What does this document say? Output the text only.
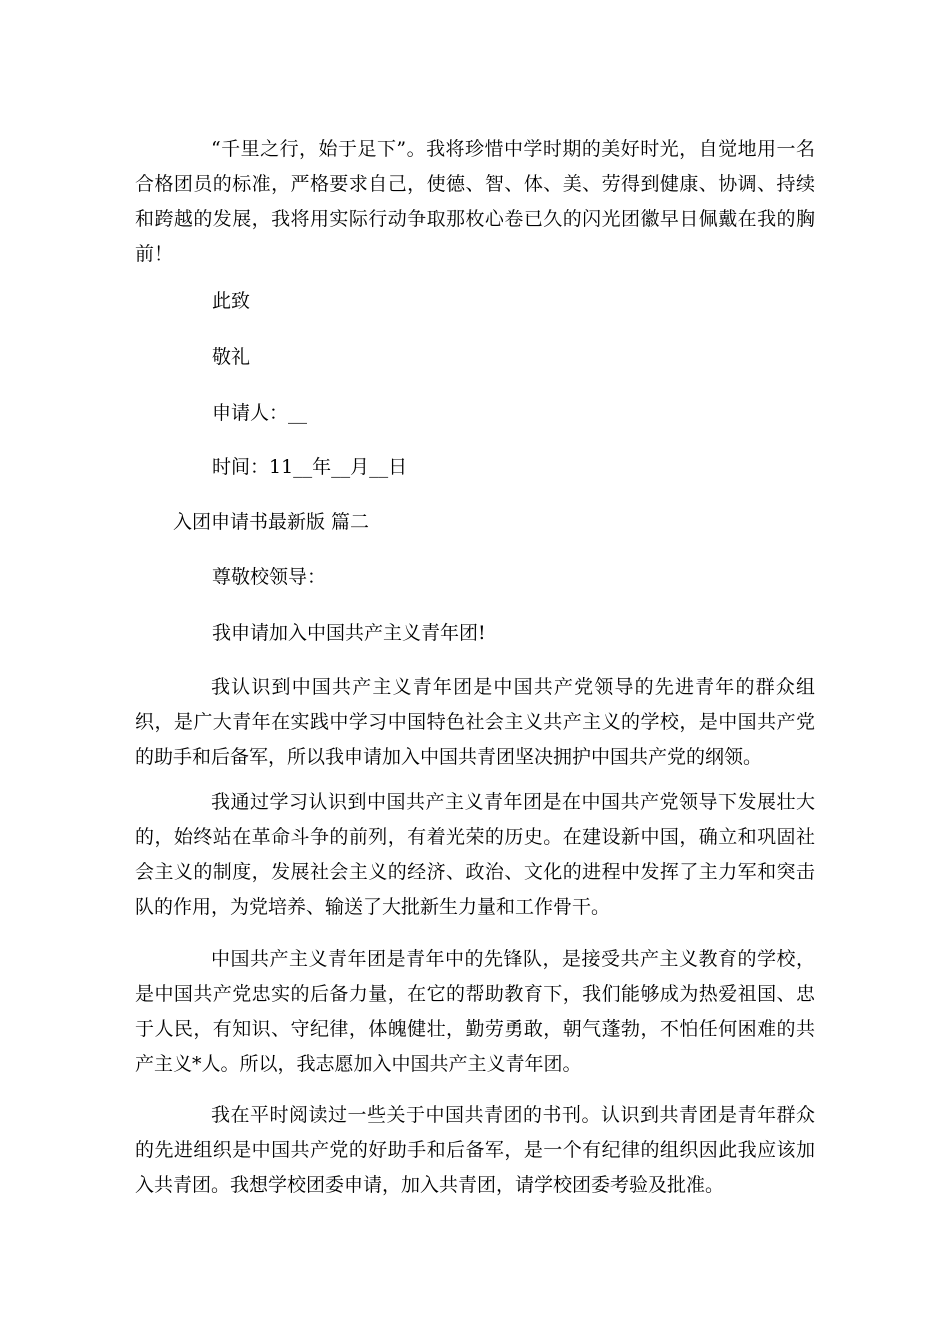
“千里之行，始于足下”。我将珍惜中学时期的美好时光，自觉地用一名合格团员的标准，严格要求自己，使德、智、体、美、劳得到健康、协调、持续和跨越的发展，我将用实际行动争取那枚心卷已久的闪光团徽早日佩戴在我的胸前！

此致

敬礼

申请人：__

时间：11__年__月__日

入团申请书最新版 篇二

尊敬校领导：

我申请加入中国共产主义青年团!

我认识到中国共产主义青年团是中国共产党领导的先进青年的群众组织，是广大青年在实践中学习中国特色社会主义共产主义的学校，是中国共产党的助手和后备军，所以我申请加入中国共青团坚决拥护中国共产党的纲领。

我通过学习认识到中国共产主义青年团是在中国共产党领导下发展壮大的，始终站在革命斗争的前列，有着光荣的历史。在建设新中国，确立和巩固社会主义的制度，发展社会主义的经济、政治、文化的进程中发挥了主力军和突击队的作用，为党培养、输送了大批新生力量和工作骨干。

中国共产主义青年团是青年中的先锋队，是接受共产主义教育的学校，是中国共产党忠实的后备力量，在它的帮助教育下，我们能够成为热爱祖国、忠于人民，有知识、守纪律，体魄健壮，勤劳勇敢，朝气蓬勃，不怕任何困难的共产主义*人。所以，我志愿加入中国共产主义青年团。

我在平时阅读过一些关于中国共青团的书刊。认识到共青团是青年群众的先进组织是中国共产党的好助手和后备军，是一个有纪律的组织因此我应该加入共青团。我想学校团委申请，加入共青团，请学校团委考验及批准。
